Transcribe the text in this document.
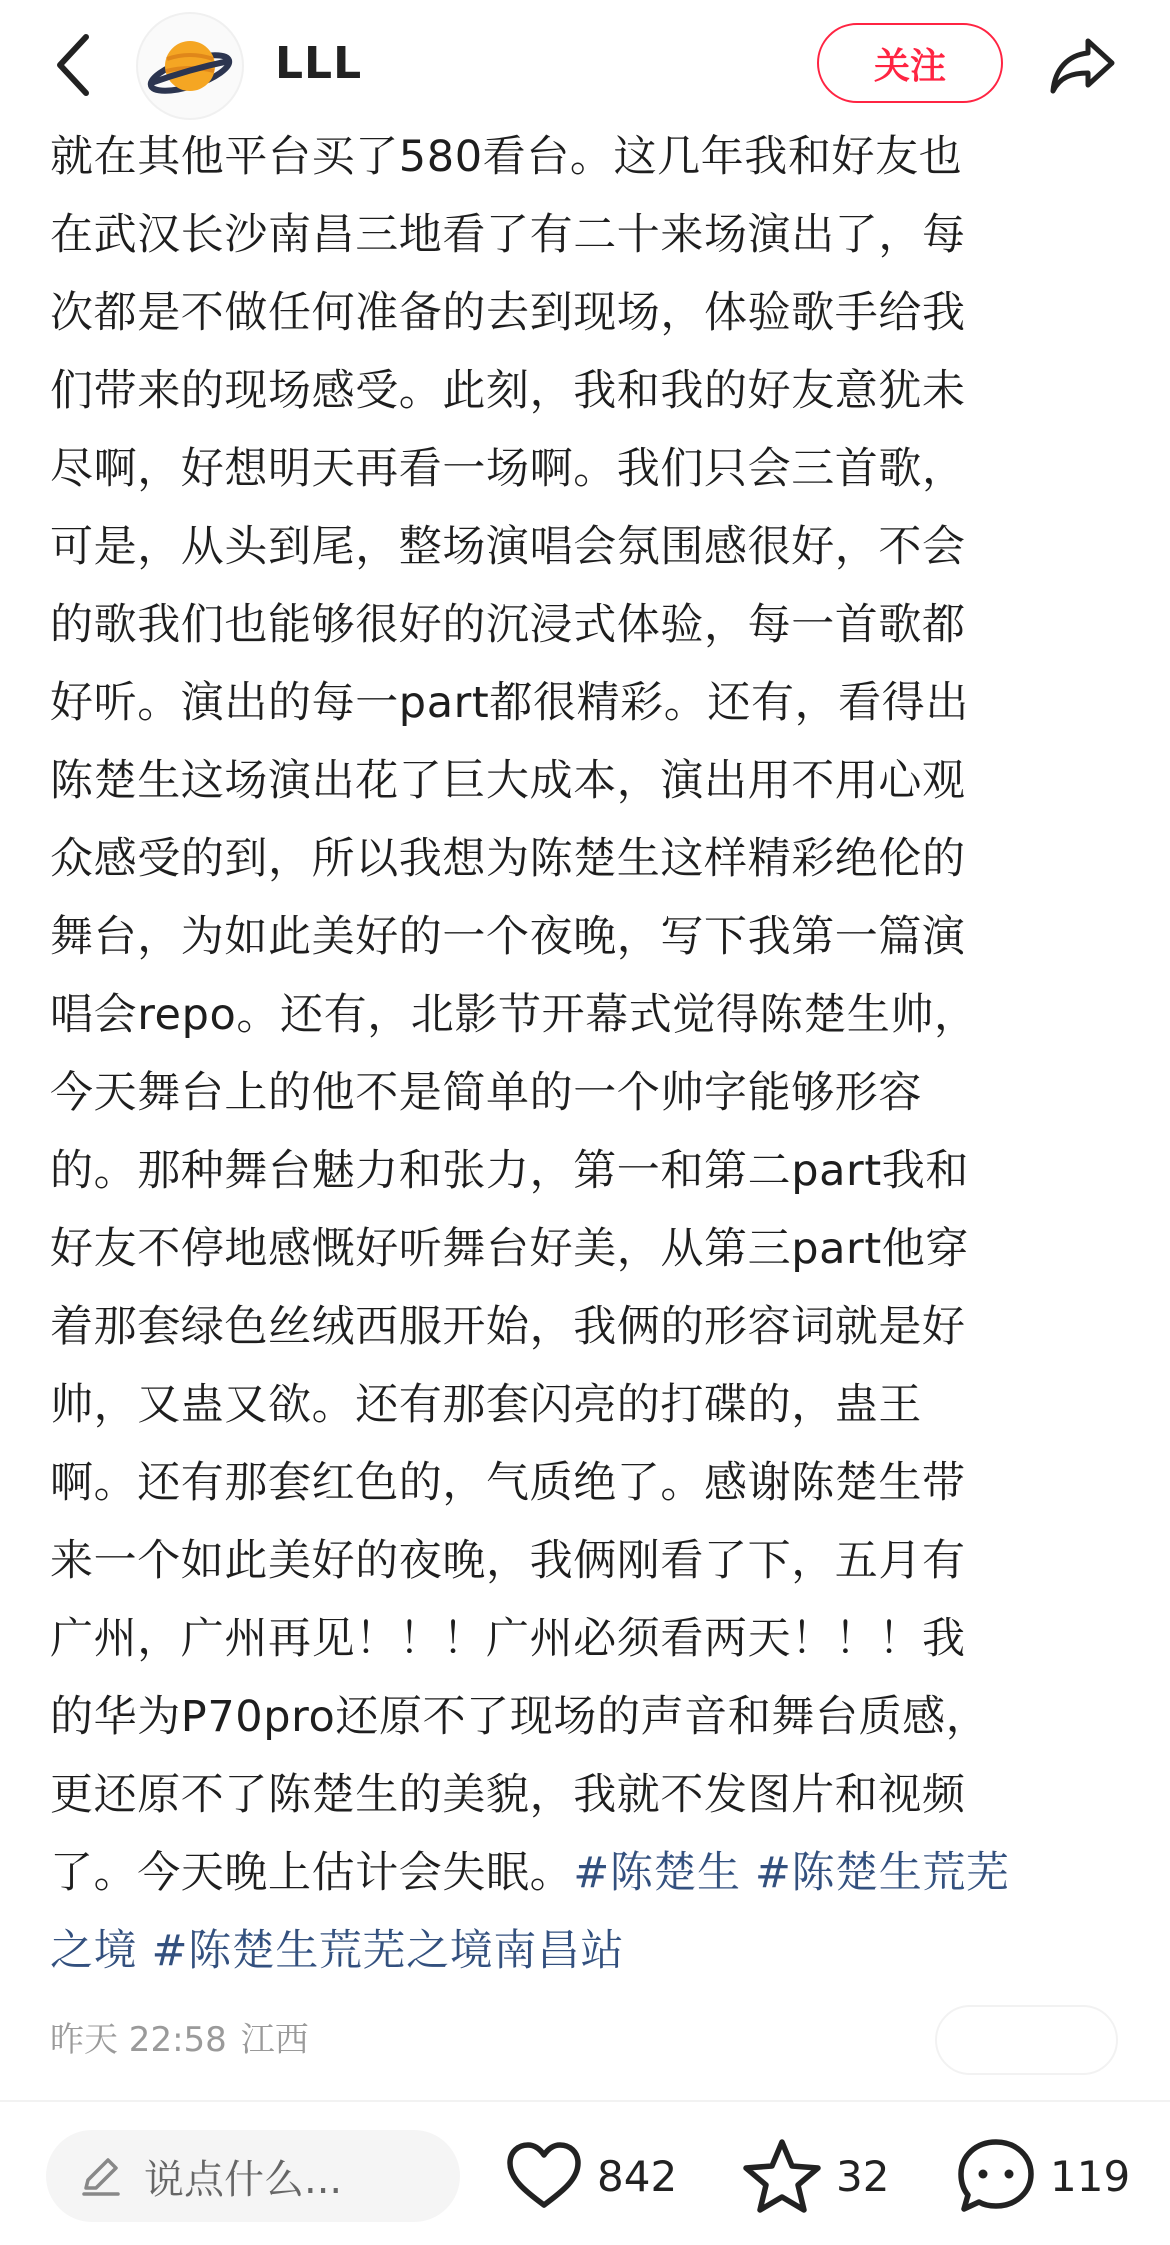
LLL	关注
就在其他平台买了580看台。这几年我和好友也
在武汉长沙南昌三地看了有二十来场演出了，每
次都是不做任何准备的去到现场，体验歌手给我
们带来的现场感受。此刻，我和我的好友意犹未
尽啊，好想明天再看一场啊。我们只会三首歌，
可是，从头到尾，整场演唱会氛围感很好，不会
的歌我们也能够很好的沉浸式体验，每一首歌都
好听。演出的每一part都很精彩。还有，看得出
陈楚生这场演出花了巨大成本，演出用不用心观
众感受的到，所以我想为陈楚生这样精彩绝伦的
舞台，为如此美好的一个夜晚，写下我第一篇演
唱会repo。还有，北影节开幕式觉得陈楚生帅，
今天舞台上的他不是简单的一个帅字能够形容
的。那种舞台魅力和张力，第一和第二part我和
好友不停地感慨好听舞台好美，从第三part他穿
着那套绿色丝绒西服开始，我俩的形容词就是好
帅，又蛊又欲。还有那套闪亮的打碟的，蛊王
啊。还有那套红色的，气质绝了。感谢陈楚生带
来一个如此美好的夜晚，我俩刚看了下，五月有
广州，广州再见！！！广州必须看两天！！！我
的华为P70pro还原不了现场的声音和舞台质感，
更还原不了陈楚生的美貌，我就不发图片和视频
了。今天晚上估计会失眠。#陈楚生 #陈楚生荒芜
之境 #陈楚生荒芜之境南昌站
昨天 22:58 江西
说点什么...	842	32	119
